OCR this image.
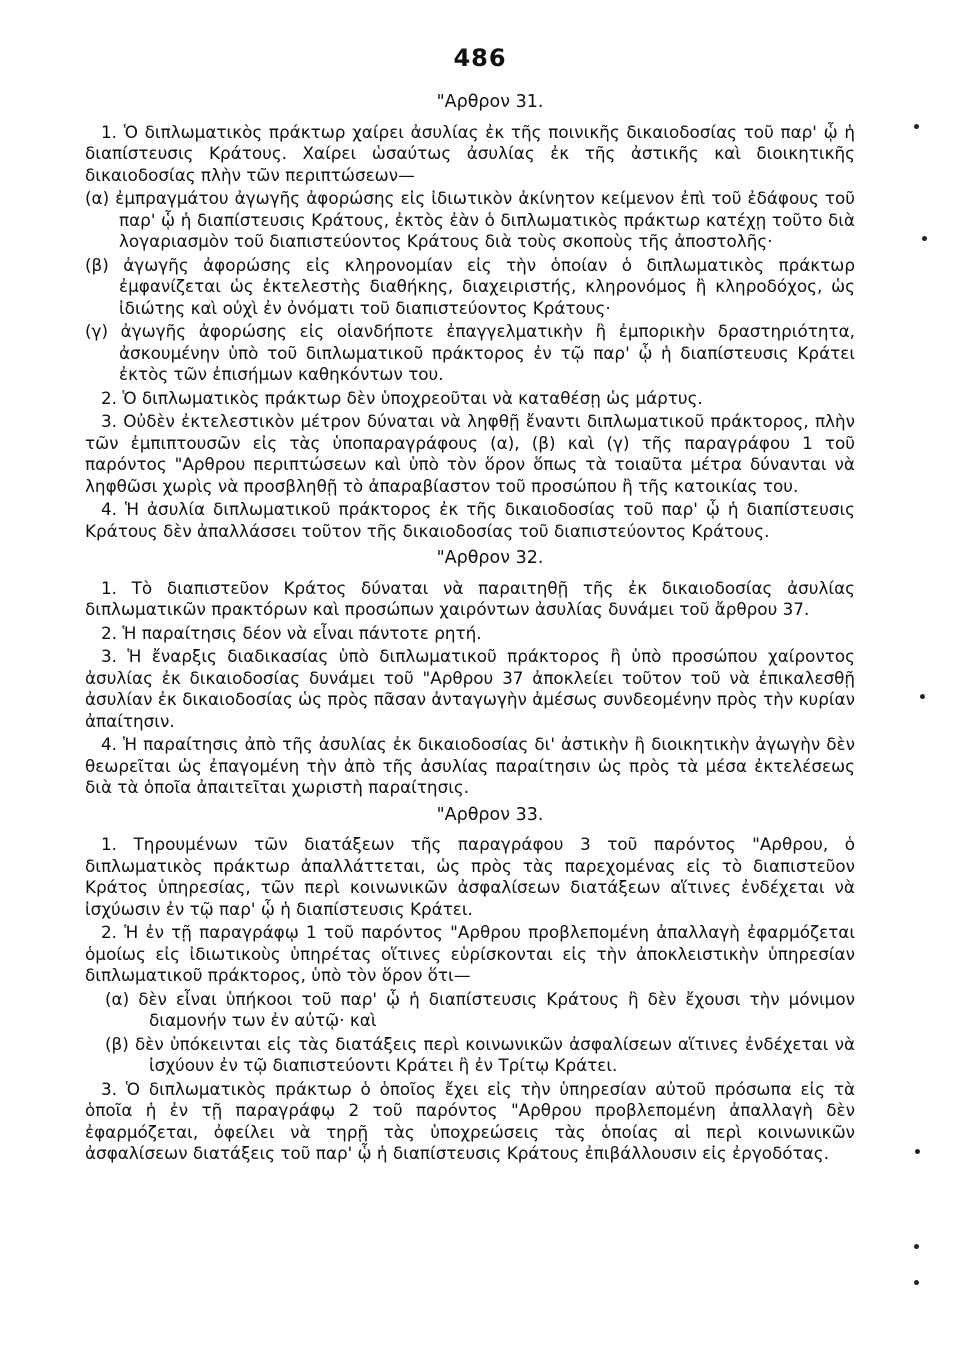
486
"Αρθρον 31.

1. Ὁ διπλωματικὸς πράκτωρ χαίρει ἀσυλίας ἐκ τῆς ποινικῆς δικαιοδοσίας τοῦ παρ' ᾧ ἡ διαπίστευσις Κράτους. Χαίρει ὡσαύτως ἀσυλίας ἐκ τῆς ἀστικῆς καὶ διοικητικῆς δικαιοδοσίας πλὴν τῶν περιπτώσεων—

(α) ἐμπραγμάτου ἀγωγῆς ἀφορώσης εἰς ἰδιωτικὸν ἀκίνητον κείμενον ἐπὶ τοῦ ἐδάφους τοῦ παρ' ᾧ ἡ διαπίστευσις Κράτους, ἐκτὸς ἐὰν ὁ διπλωματικὸς πράκτωρ κατέχῃ τοῦτο διὰ λογαριασμὸν τοῦ διαπιστεύοντος Κράτους διὰ τοὺς σκοποὺς τῆς ἀποστολῆς·

(β) ἀγωγῆς ἀφορώσης εἰς κληρονομίαν εἰς τὴν ὁποίαν ὁ διπλωματικὸς πράκτωρ ἐμφανίζεται ὡς ἐκτελεστὴς διαθήκης, διαχειριστής, κληρονόμος ἢ κληροδόχος, ὡς ἰδιώτης καὶ οὐχὶ ἐν ὀνόματι τοῦ διαπιστεύοντος Κράτους·

(γ) ἀγωγῆς ἀφορώσης εἰς οἱανδήποτε ἐπαγγελματικὴν ἢ ἐμπορικὴν δραστηριότητα, ἀσκουμένην ὑπὸ τοῦ διπλωματικοῦ πράκτορος ἐν τῷ παρ' ᾧ ἡ διαπίστευσις Κράτει ἐκτὸς τῶν ἐπισήμων καθηκόντων του.

2. Ὁ διπλωματικὸς πράκτωρ δὲν ὑποχρεοῦται νὰ καταθέσῃ ὡς μάρτυς.

3. Οὐδὲν ἐκτελεστικὸν μέτρον δύναται νὰ ληφθῇ ἔναντι διπλωματικοῦ πράκτορος, πλὴν τῶν ἐμπιπτουσῶν εἰς τὰς ὑποπαραγράφους (α), (β) καὶ (γ) τῆς παραγράφου 1 τοῦ παρόντος "Αρθρου περιπτώσεων καὶ ὑπὸ τὸν ὅρον ὅπως τὰ τοιαῦτα μέτρα δύνανται νὰ ληφθῶσι χωρὶς νὰ προσβληθῇ τὸ ἀπαραβίαστον τοῦ προσώπου ἢ τῆς κατοικίας του.

4. Ἡ ἀσυλία διπλωματικοῦ πράκτορος ἐκ τῆς δικαιοδοσίας τοῦ παρ' ᾧ ἡ διαπίστευσις Κράτους δὲν ἀπαλλάσσει τοῦτον τῆς δικαιοδοσίας τοῦ διαπιστεύοντος Κράτους.

"Αρθρον 32.

1. Τὸ διαπιστεῦον Κράτος δύναται νὰ παραιτηθῇ τῆς ἐκ δικαιοδοσίας ἀσυλίας διπλωματικῶν πρακτόρων καὶ προσώπων χαιρόντων ἀσυλίας δυνάμει τοῦ ἄρθρου 37.

2. Ἡ παραίτησις δέον νὰ εἶναι πάντοτε ρητή.

3. Ἡ ἔναρξις διαδικασίας ὑπὸ διπλωματικοῦ πράκτορος ἢ ὑπὸ προσώπου χαίροντος ἀσυλίας ἐκ δικαιοδοσίας δυνάμει τοῦ "Αρθρου 37 ἀποκλείει τοῦτον τοῦ νὰ ἐπικαλεσθῇ ἀσυλίαν ἐκ δικαιοδοσίας ὡς πρὸς πᾶσαν ἀνταγωγὴν ἀμέσως συνδεομένην πρὸς τὴν κυρίαν ἀπαίτησιν.

4. Ἡ παραίτησις ἀπὸ τῆς ἀσυλίας ἐκ δικαιοδοσίας δι' ἀστικὴν ἢ διοικητικὴν ἀγωγὴν δὲν θεωρεῖται ὡς ἐπαγομένη τὴν ἀπὸ τῆς ἀσυλίας παραίτησιν ὡς πρὸς τὰ μέσα ἐκτελέσεως διὰ τὰ ὁποῖα ἀπαιτεῖται χωριστὴ παραίτησις.

"Αρθρον 33.

1. Τηρουμένων τῶν διατάξεων τῆς παραγράφου 3 τοῦ παρόντος "Αρθρου, ὁ διπλωματικὸς πράκτωρ ἀπαλλάττεται, ὡς πρὸς τὰς παρεχομένας εἰς τὸ διαπιστεῦον Κράτος ὑπηρεσίας, τῶν περὶ κοινωνικῶν ἀσφαλίσεων διατάξεων αἵτινες ἐνδέχεται νὰ ἰσχύωσιν ἐν τῷ παρ' ᾧ ἡ διαπίστευσις Κράτει.

2. Ἡ ἐν τῇ παραγράφῳ 1 τοῦ παρόντος "Αρθρου προβλεπομένη ἀπαλλαγὴ ἐφαρμόζεται ὁμοίως εἰς ἰδιωτικοὺς ὑπηρέτας οἵτινες εὑρίσκονται εἰς τὴν ἀποκλειστικὴν ὑπηρεσίαν διπλωματικοῦ πράκτορος, ὑπὸ τὸν ὅρον ὅτι—

(α) δὲν εἶναι ὑπήκοοι τοῦ παρ' ᾧ ἡ διαπίστευσις Κράτους ἢ δὲν ἔχουσι τὴν μόνιμον διαμονήν των ἐν αὐτῷ· καὶ

(β) δὲν ὑπόκεινται εἰς τὰς διατάξεις περὶ κοινωνικῶν ἀσφαλίσεων αἵτινες ἐνδέχεται νὰ ἰσχύουν ἐν τῷ διαπιστεύοντι Κράτει ἢ ἐν Τρίτῳ Κράτει.

3. Ὁ διπλωματικὸς πράκτωρ ὁ ὁποῖος ἔχει εἰς τὴν ὑπηρεσίαν αὐτοῦ πρόσωπα εἰς τὰ ὁποῖα ἡ ἐν τῇ παραγράφῳ 2 τοῦ παρόντος "Αρθρου προβλεπομένη ἀπαλλαγὴ δὲν ἐφαρμόζεται, ὀφείλει νὰ τηρῇ τὰς ὑποχρεώσεις τὰς ὁποίας αἱ περὶ κοινωνικῶν ἀσφαλίσεων διατάξεις τοῦ παρ' ᾧ ἡ διαπίστευσις Κράτους ἐπιβάλλουσιν εἰς ἐργοδότας.

•
•
•
•
•
•
